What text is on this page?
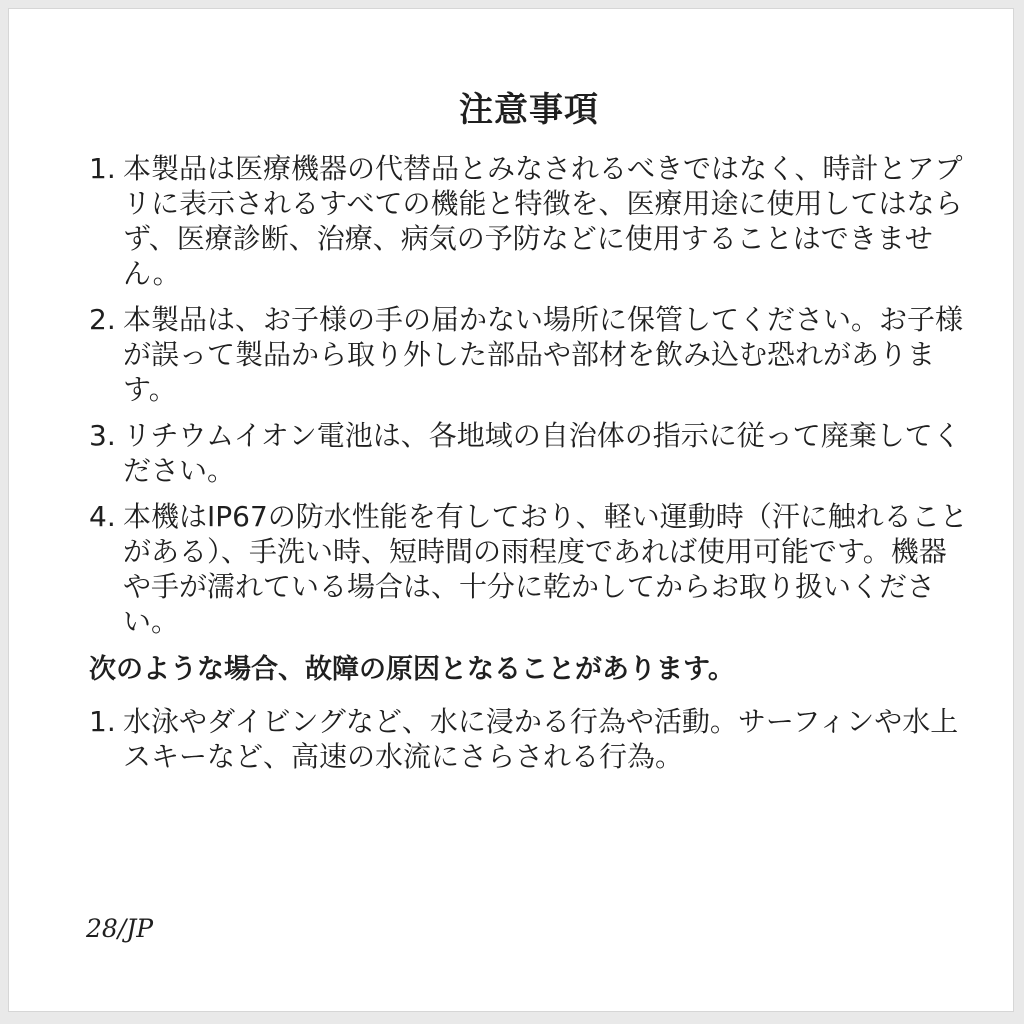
注意事項
1. 本製品は医療機器の代替品とみなされるべきではなく、時計とアプリに表示されるすべての機能と特徴を、医療用途に使用してはならず、医療診断、治療、病気の予防などに使用することはできません。
2. 本製品は、お子様の手の届かない場所に保管してください。お子様が誤って製品から取り外した部品や部材を飲み込む恐れがあります。
3. リチウムイオン電池は、各地域の自治体の指示に従って廃棄してください。
4. 本機はIP67の防水性能を有しており、軽い運動時（汗に触れることがある）、手洗い時、短時間の雨程度であれば使用可能です。機器や手が濡れている場合は、十分に乾かしてからお取り扱いください。
次のような場合、故障の原因となることがあります。
1. 水泳やダイビングなど、水に浸かる行為や活動。サーフィンや水上スキーなど、高速の水流にさらされる行為。
28/JP
